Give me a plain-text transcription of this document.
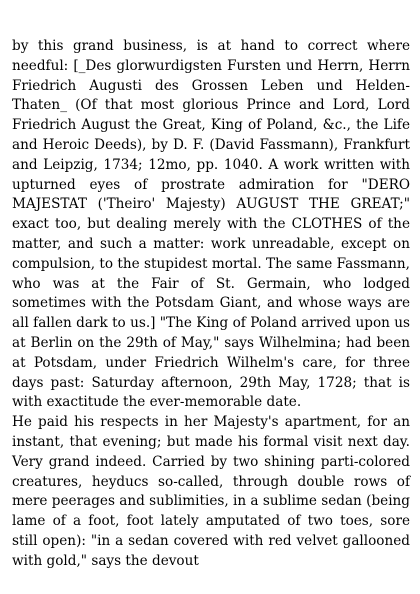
by this grand business, is at hand to correct where needful: [_Des glorwurdigsten Fursten und Herrn, Herrn Friedrich Augusti des Grossen Leben und Helden-Thaten_ (Of that most glorious Prince and Lord, Lord Friedrich August the Great, King of Poland, &c., the Life and Heroic Deeds), by D. F. (David Fassmann), Frankfurt and Leipzig, 1734; 12mo, pp. 1040. A work written with upturned eyes of prostrate admiration for "DERO MAJESTAT ('Theiro' Majesty) AUGUST THE GREAT;" exact too, but dealing merely with the CLOTHES of the matter, and such a matter: work unreadable, except on compulsion, to the stupidest mortal. The same Fassmann, who was at the Fair of St. Germain, who lodged sometimes with the Potsdam Giant, and whose ways are all fallen dark to us.] "The King of Poland arrived upon us at Berlin on the 29th of May," says Wilhelmina; had been at Potsdam, under Friedrich Wilhelm's care, for three days past: Saturday afternoon, 29th May, 1728; that is with exactitude the ever-memorable date.

He paid his respects in her Majesty's apartment, for an instant, that evening; but made his formal visit next day. Very grand indeed. Carried by two shining parti-colored creatures, heyducs so-called, through double rows of mere peerages and sublimities, in a sublime sedan (being lame of a foot, foot lately amputated of two toes, sore still open): "in a sedan covered with red velvet gallooned with gold," says the devout
